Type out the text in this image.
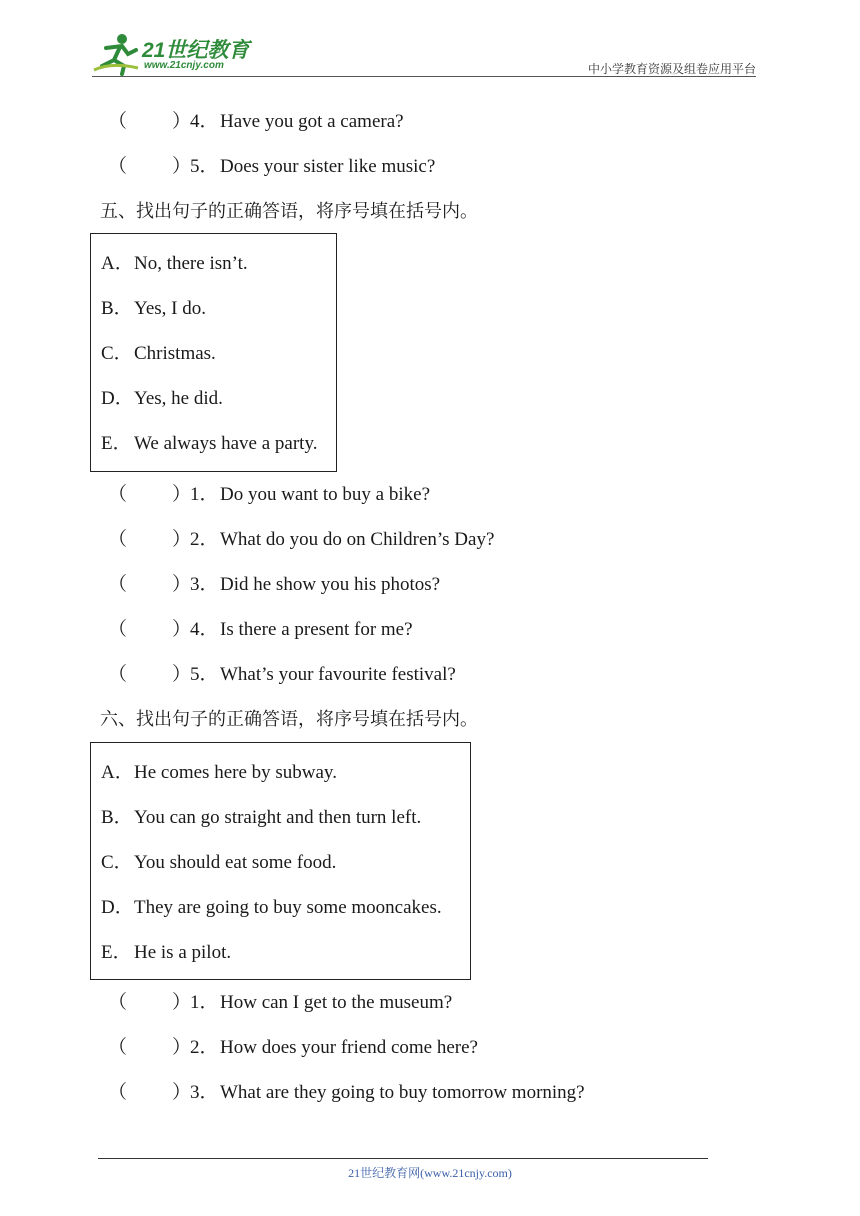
21世纪教育
www.21cnjy.com	中小学教育资源及组卷应用平台
（ ）
4． Have you got a camera?
（ ）
5． Does your sister like music?
五、找出句子的正确答语，将序号填在括号内。
A． No, there isn’t.
B． Yes, I do.
C． Christmas.
D． Yes, he did.
E． We always have a party.
（ ）
1． Do you want to buy a bike?
（ ）
2． What do you do on Children’s Day?
（ ）
3． Did he show you his photos?
（ ）
4． Is there a present for me?
（ ）
5． What’s your favourite festival?
六、找出句子的正确答语，将序号填在括号内。
A． He comes here by subway.
B． You can go straight and then turn left.
C． You should eat some food.
D． They are going to buy some mooncakes.
E． He is a pilot.
（ ）
1． How can I get to the museum?
（ ）
2． How does your friend come here?
（ ）
3． What are they going to buy tomorrow morning?
21世纪教育网(www.21cnjy.com)
